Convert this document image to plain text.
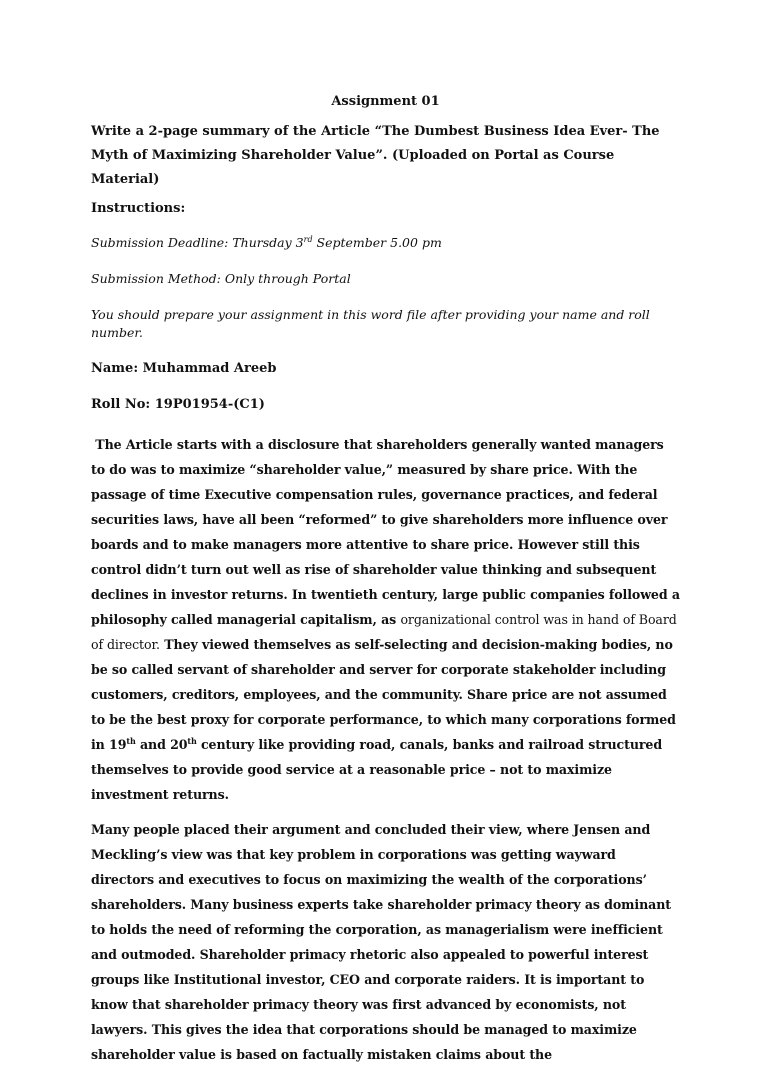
Assignment 01
Write a 2-page summary of the Article “The Dumbest Business Idea Ever- The Myth of Maximizing Shareholder Value”. (Uploaded on Portal as Course Material)
Instructions:
Submission Deadline: Thursday 3rd September 5.00 pm
Submission Method: Only through Portal
You should prepare your assignment in this word file after providing your name and roll number.
Name: Muhammad Areeb
Roll No: 19P01954-(C1)
The Article starts with a disclosure that shareholders generally wanted managers to do was to maximize “shareholder value,” measured by share price. With the passage of time Executive compensation rules, governance practices, and federal securities laws, have all been “reformed” to give shareholders more influence over boards and to make managers more attentive to share price. However still this control didn’t turn out well as rise of shareholder value thinking and subsequent declines in investor returns. In twentieth century, large public companies followed a philosophy called managerial capitalism, as organizational control was in hand of Board of director. They viewed themselves as self-selecting and decision-making bodies, no be so called servant of shareholder and server for corporate stakeholder including customers, creditors, employees, and the community. Share price are not assumed to be the best proxy for corporate performance, to which many corporations formed in 19th and 20th century like providing road, canals, banks and railroad structured themselves to provide good service at a reasonable price – not to maximize investment returns.
Many people placed their argument and concluded their view, where Jensen and Meckling’s view was that key problem in corporations was getting wayward directors and executives to focus on maximizing the wealth of the corporations’ shareholders. Many business experts take shareholder primacy theory as dominant to holds the need of reforming the corporation, as managerialism were inefficient and outmoded. Shareholder primacy rhetoric also appealed to powerful interest groups like Institutional investor, CEO and corporate raiders. It is important to know that shareholder primacy theory was first advanced by economists, not lawyers. This gives the idea that corporations should be managed to maximize shareholder value is based on factually mistaken claims about the
